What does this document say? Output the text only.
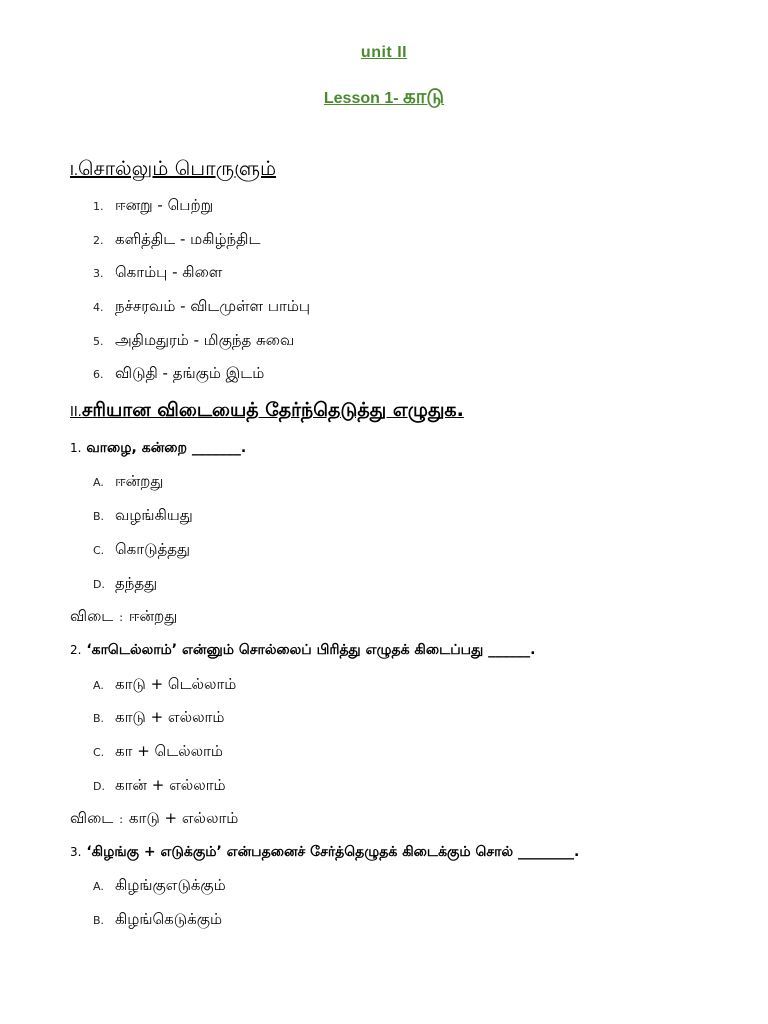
unit II
Lesson 1- காடு
I.சொல்லும் பொருளும்
1. ஈனறு - பெற்று
2. களித்திட - மகிழ்ந்திட
3. கொம்பு - கிளை
4. நச்சரவம் - விடமுள்ள பாம்பு
5. அதிமதுரம் - மிகுந்த சுவை
6. விடுதி - தங்கும் இடம்
II.சரியான விடையைத் தேர்ந்தெடுத்து எழுதுக.
1. வாழை, கன்றை _______.
A. ஈன்றது
B. வழங்கியது
C. கொடுத்தது
D. தந்தது
விடை : ஈன்றது
2. ‘காடெல்லாம்’ என்னும் சொல்லைப் பிரித்து எழுதக் கிடைப்பது ______.
A. காடு + டெல்லாம்
B. காடு + எல்லாம்
C. கா + டெல்லாம்
D. கான் + எல்லாம்
விடை : காடு + எல்லாம்
3. ‘கிழங்கு + எடுக்கும்’ என்பதனைச் சேர்த்தெழுதக் கிடைக்கும் சொல் ________.
A. கிழங்குஎடுக்கும்
B. கிழங்கெடுக்கும்
